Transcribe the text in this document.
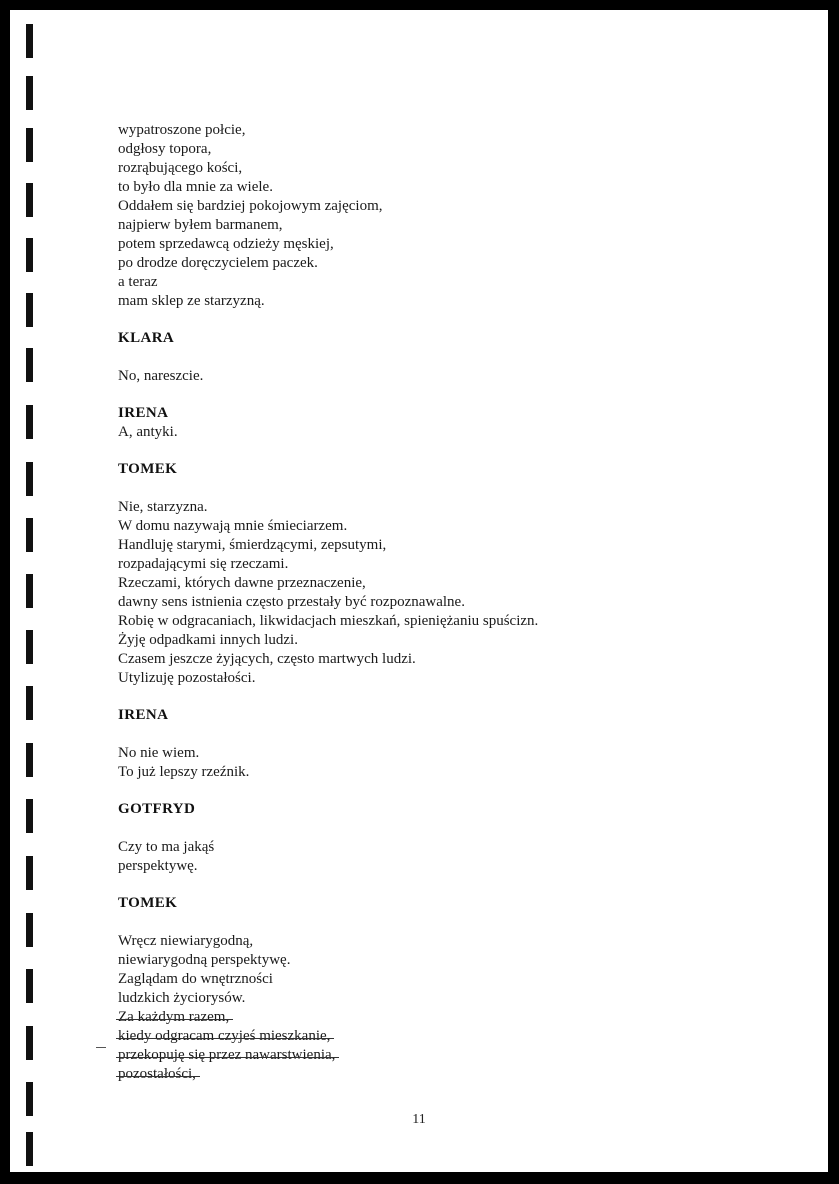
wypatroszone połcie,
odgłosy topora,
rozrąbującego kości,
to było dla mnie za wiele.
Oddałem się bardziej pokojowym zajęciom,
najpierw byłem barmanem,
potem sprzedawcą odzieży męskiej,
po drodze doręczycielem paczek.
a teraz
mam sklep ze starzyzną.
KLARA
No, nareszcie.
IRENA
A, antyki.
TOMEK
Nie, starzyzna.
W domu nazywają mnie śmieciarzem.
Handluję starymi, śmierdzącymi, zepsutymi,
rozpadającymi się rzeczami.
Rzeczami, których dawne przeznaczenie,
dawny sens istnienia często przestały być rozpoznawalne.
Robię w odgracaniach, likwidacjach mieszkań, spieniężaniu spuścizn.
Żyję odpadkami innych ludzi.
Czasem jeszcze żyjących, często martwych ludzi.
Utylizuję pozostałości.
IRENA
No nie wiem.
To już lepszy rzeźnik.
GOTFRYD
Czy to ma jakąś
perspektywę.
TOMEK
Wręcz niewiarygodną,
niewiarygodną perspektywę.
Zaglądam do wnętrzności
ludzkich życiorysów.
Za każdym razem,
kiedy odgracam czyjeś mieszkanie,
przekopuję się przez nawarstwienia,
pozostałości,
11
